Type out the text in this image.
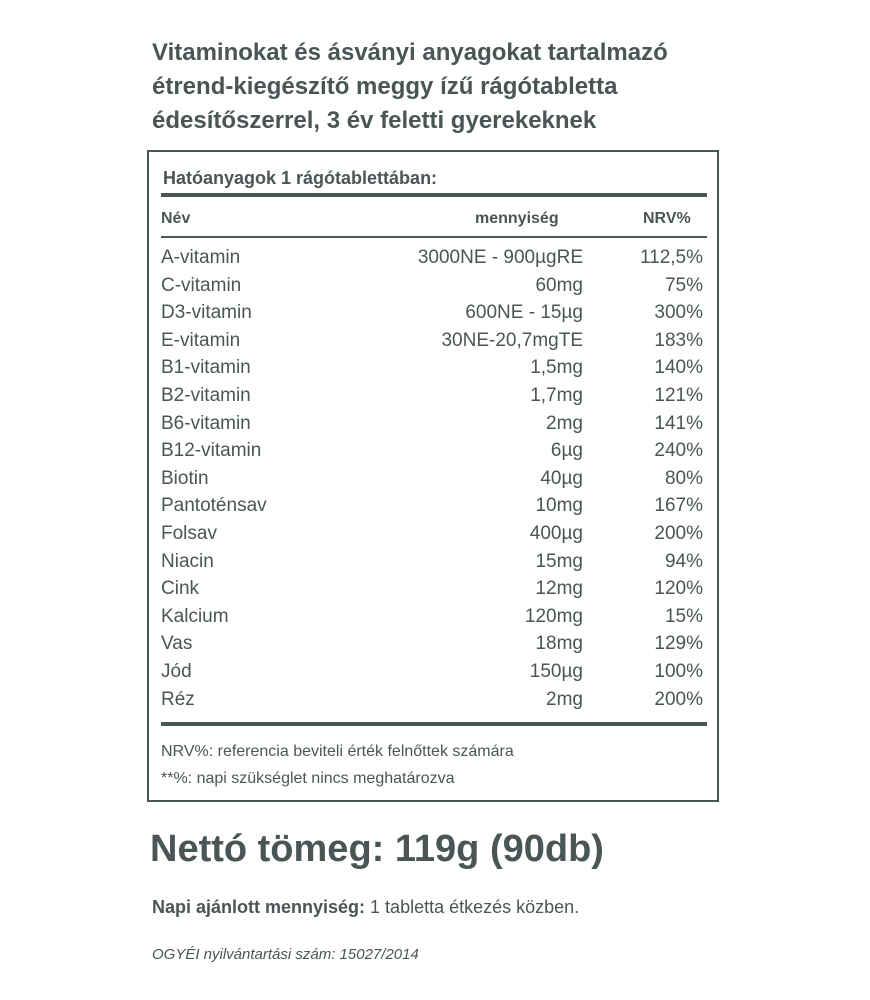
Vitaminokat és ásványi anyagokat tartalmazó
étrend-kiegészítő meggy ízű rágótabletta
édesítőszerrel, 3 év feletti gyerekeknek
Hatóanyagok 1 rágótablettában:
Név	mennyiség	NRV%
A-vitamin	3000NE - 900µgRE	112,5%
C-vitamin	60mg	75%
D3-vitamin	600NE - 15µg	300%
E-vitamin	30NE-20,7mgTE	183%
B1-vitamin	1,5mg	140%
B2-vitamin	1,7mg	121%
B6-vitamin	2mg	141%
B12-vitamin	6µg	240%
Biotin	40µg	80%
Pantoténsav	10mg	167%
Folsav	400µg	200%
Niacin	15mg	94%
Cink	12mg	120%
Kalcium	120mg	15%
Vas	18mg	129%
Jód	150µg	100%
Réz	2mg	200%
NRV%: referencia beviteli érték felnőttek számára
**%: napi szükséglet nincs meghatározva
Nettó tömeg: 119g (90db)
Napi ajánlott mennyiség: 1 tabletta étkezés közben.
OGYÉI nyilvántartási szám: 15027/2014
